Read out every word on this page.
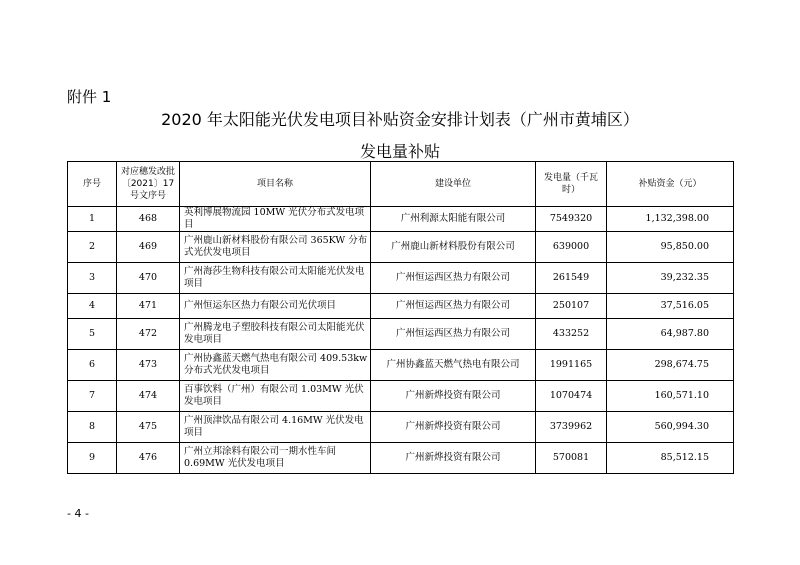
附件 1
2020 年太阳能光伏发电项目补贴资金安排计划表（广州市黄埔区）
发电量补贴
序号	对应穗发改批〔2021〕17 号文序号	项目名称	建设单位	发电量（千瓦时）	补贴资金（元）
1	468	英利博展物流园 10MW 光伏分布式发电项目	广州利源太阳能有限公司	7549320	1,132,398.00
2	469	广州鹿山新材料股份有限公司 365KW 分布式光伏发电项目	广州鹿山新材料股份有限公司	639000	95,850.00
3	470	广州海莎生物科技有限公司太阳能光伏发电项目	广州恒运西区热力有限公司	261549	39,232.35
4	471	广州恒运东区热力有限公司光伏项目	广州恒运西区热力有限公司	250107	37,516.05
5	472	广州腾龙电子塑胶科技有限公司太阳能光伏发电项目	广州恒运西区热力有限公司	433252	64,987.80
6	473	广州协鑫蓝天燃气热电有限公司 409.53kw 分布式光伏发电项目	广州协鑫蓝天燃气热电有限公司	1991165	298,674.75
7	474	百事饮料（广州）有限公司 1.03MW 光伏发电项目	广州新烨投资有限公司	1070474	160,571.10
8	475	广州顶津饮品有限公司 4.16MW 光伏发电项目	广州新烨投资有限公司	3739962	560,994.30
9	476	广州立邦涂料有限公司一期水性车间 0.69MW 光伏发电项目	广州新烨投资有限公司	570081	85,512.15
- 4 -
